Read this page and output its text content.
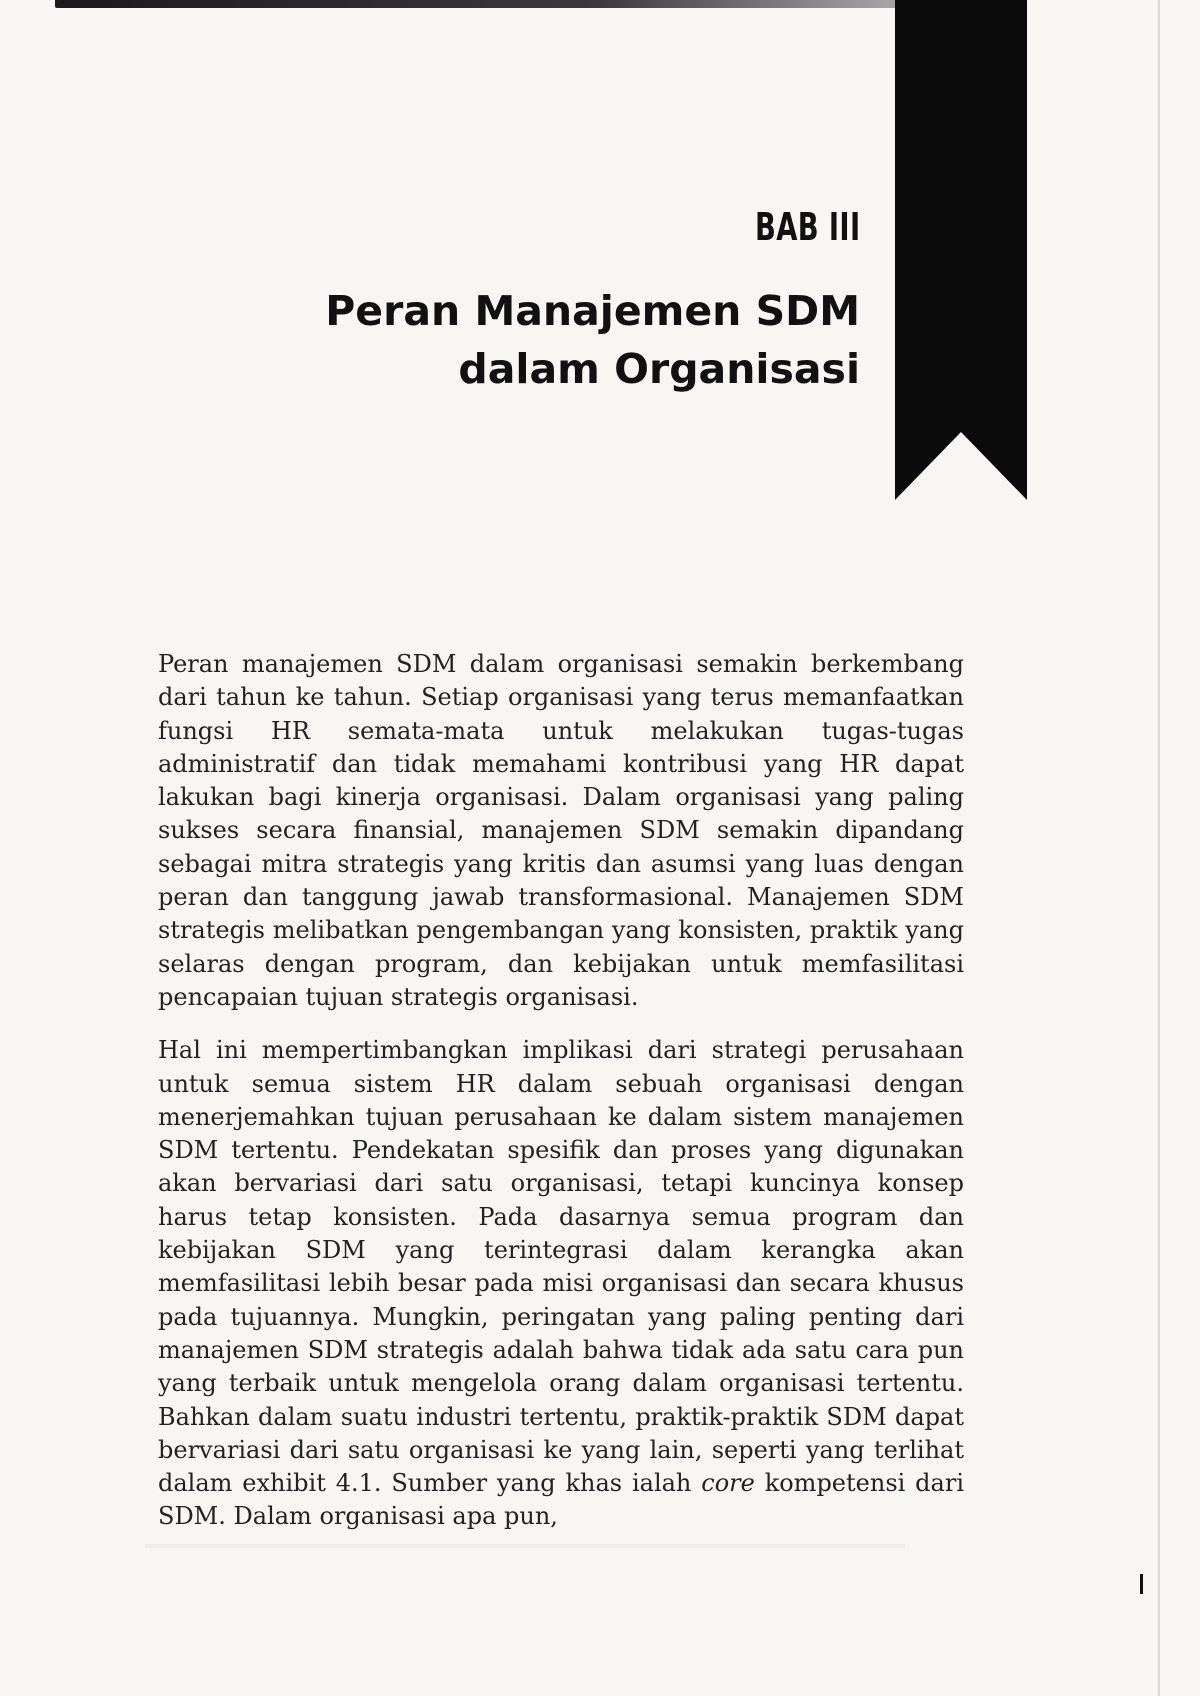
BAB III
Peran Manajemen SDM
dalam Organisasi

Peran manajemen SDM dalam organisasi semakin berkembang dari tahun ke tahun. Setiap organisasi yang terus memanfaatkan fungsi HR semata-mata untuk melakukan tugas-tugas administratif dan tidak memahami kontribusi yang HR dapat lakukan bagi kinerja organisasi. Dalam organisasi yang paling sukses secara finansial, manajemen SDM semakin dipandang sebagai mitra strategis yang kritis dan asumsi yang luas dengan peran dan tanggung jawab transformasional. Manajemen SDM strategis melibatkan pengembangan yang konsisten, praktik yang selaras dengan program, dan kebijakan untuk memfasilitasi pencapaian tujuan strategis organisasi.

Hal ini mempertimbangkan implikasi dari strategi perusahaan untuk semua sistem HR dalam sebuah organisasi dengan menerjemahkan tujuan perusahaan ke dalam sistem manajemen SDM tertentu. Pendekatan spesifik dan proses yang digunakan akan bervariasi dari satu organisasi, tetapi kuncinya konsep harus tetap konsisten. Pada dasarnya semua program dan kebijakan SDM yang terintegrasi dalam kerangka akan memfasilitasi lebih besar pada misi organisasi dan secara khusus pada tujuannya. Mungkin, peringatan yang paling penting dari manajemen SDM strategis adalah bahwa tidak ada satu cara pun yang terbaik untuk mengelola orang dalam organisasi tertentu. Bahkan dalam suatu industri tertentu, praktik-praktik SDM dapat bervariasi dari satu organisasi ke yang lain, seperti yang terlihat dalam exhibit 4.1. Sumber yang khas ialah core kompetensi dari SDM. Dalam organisasi apa pun,
